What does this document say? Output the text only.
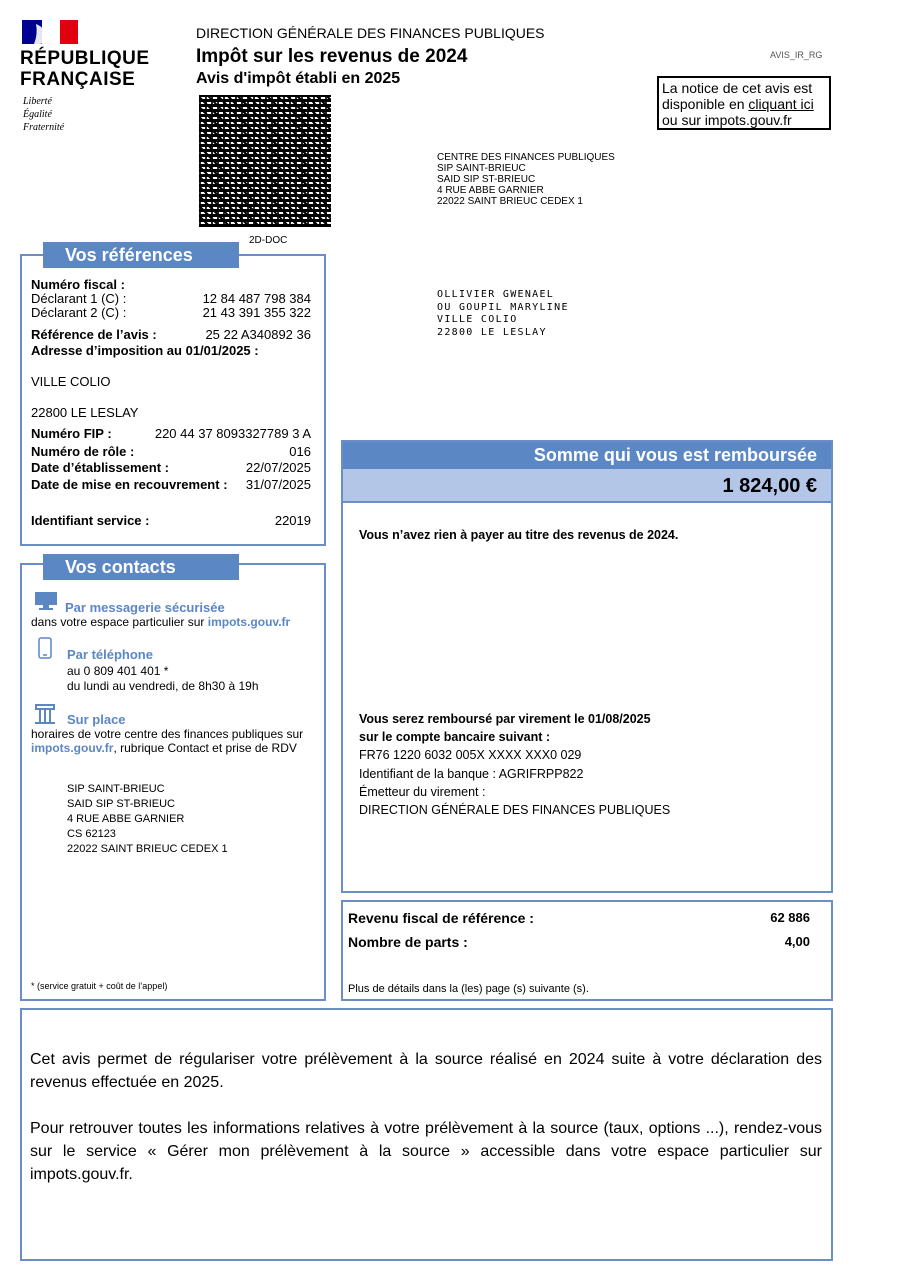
RÉPUBLIQUE
FRANÇAISE
Liberté
Égalité
Fraternité
DIRECTION GÉNÉRALE DES FINANCES PUBLIQUES
Impôt sur les revenus de 2024
Avis d'impôt établi en 2025
AVIS_IR_RG
La notice de cet avis est
disponible en cliquant ici
ou sur impots.gouv.fr
2D-DOC
CENTRE DES FINANCES PUBLIQUES
SIP SAINT-BRIEUC
SAID SIP ST-BRIEUC
4 RUE ABBE GARNIER
22022 SAINT BRIEUC CEDEX 1
OLLIVIER GWENAEL
OU GOUPIL MARYLINE
VILLE COLIO
22800 LE LESLAY
Vos références
Numéro fiscal :
Déclarant 1 (C) :	12 84 487 798 384
Déclarant 2 (C) :	21 43 391 355 322
Référence de l’avis :	25 22 A340892 36
Adresse d’imposition au 01/01/2025 :
VILLE COLIO
22800 LE LESLAY
Numéro FIP :	220 44 37 8093327789 3 A
Numéro de rôle :	016
Date d’établissement :	22/07/2025
Date de mise en recouvrement : 31/07/2025
Identifiant service :	22019
Vos contacts
Par messagerie sécurisée
dans votre espace particulier sur impots.gouv.fr
Par téléphone
au 0 809 401 401 *
du lundi au vendredi, de 8h30 à 19h
Sur place
horaires de votre centre des finances publiques sur
impots.gouv.fr, rubrique Contact et prise de RDV
SIP SAINT-BRIEUC
SAID SIP ST-BRIEUC
4 RUE ABBE GARNIER
CS 62123
22022 SAINT BRIEUC CEDEX 1
* (service gratuit + coût de l’appel)
Somme qui vous est remboursée
1 824,00 €
Vous n’avez rien à payer au titre des revenus de 2024.
Vous serez remboursé par virement le 01/08/2025
sur le compte bancaire suivant :
FR76 1220 6032 005X XXXX XXX0 029
Identifiant de la banque : AGRIFRPP822
Émetteur du virement :
DIRECTION GÉNÉRALE DES FINANCES PUBLIQUES
Revenu fiscal de référence :	62 886
Nombre de parts :	4,00
Plus de détails dans la (les) page (s) suivante (s).
Cet avis permet de régulariser votre prélèvement à la source réalisé en 2024 suite à votre déclaration des revenus effectuée en 2025.
Pour retrouver toutes les informations relatives à votre prélèvement à la source (taux, options ...), rendez-vous sur le service « Gérer mon prélèvement à la source » accessible dans votre espace particulier sur impots.gouv.fr.
